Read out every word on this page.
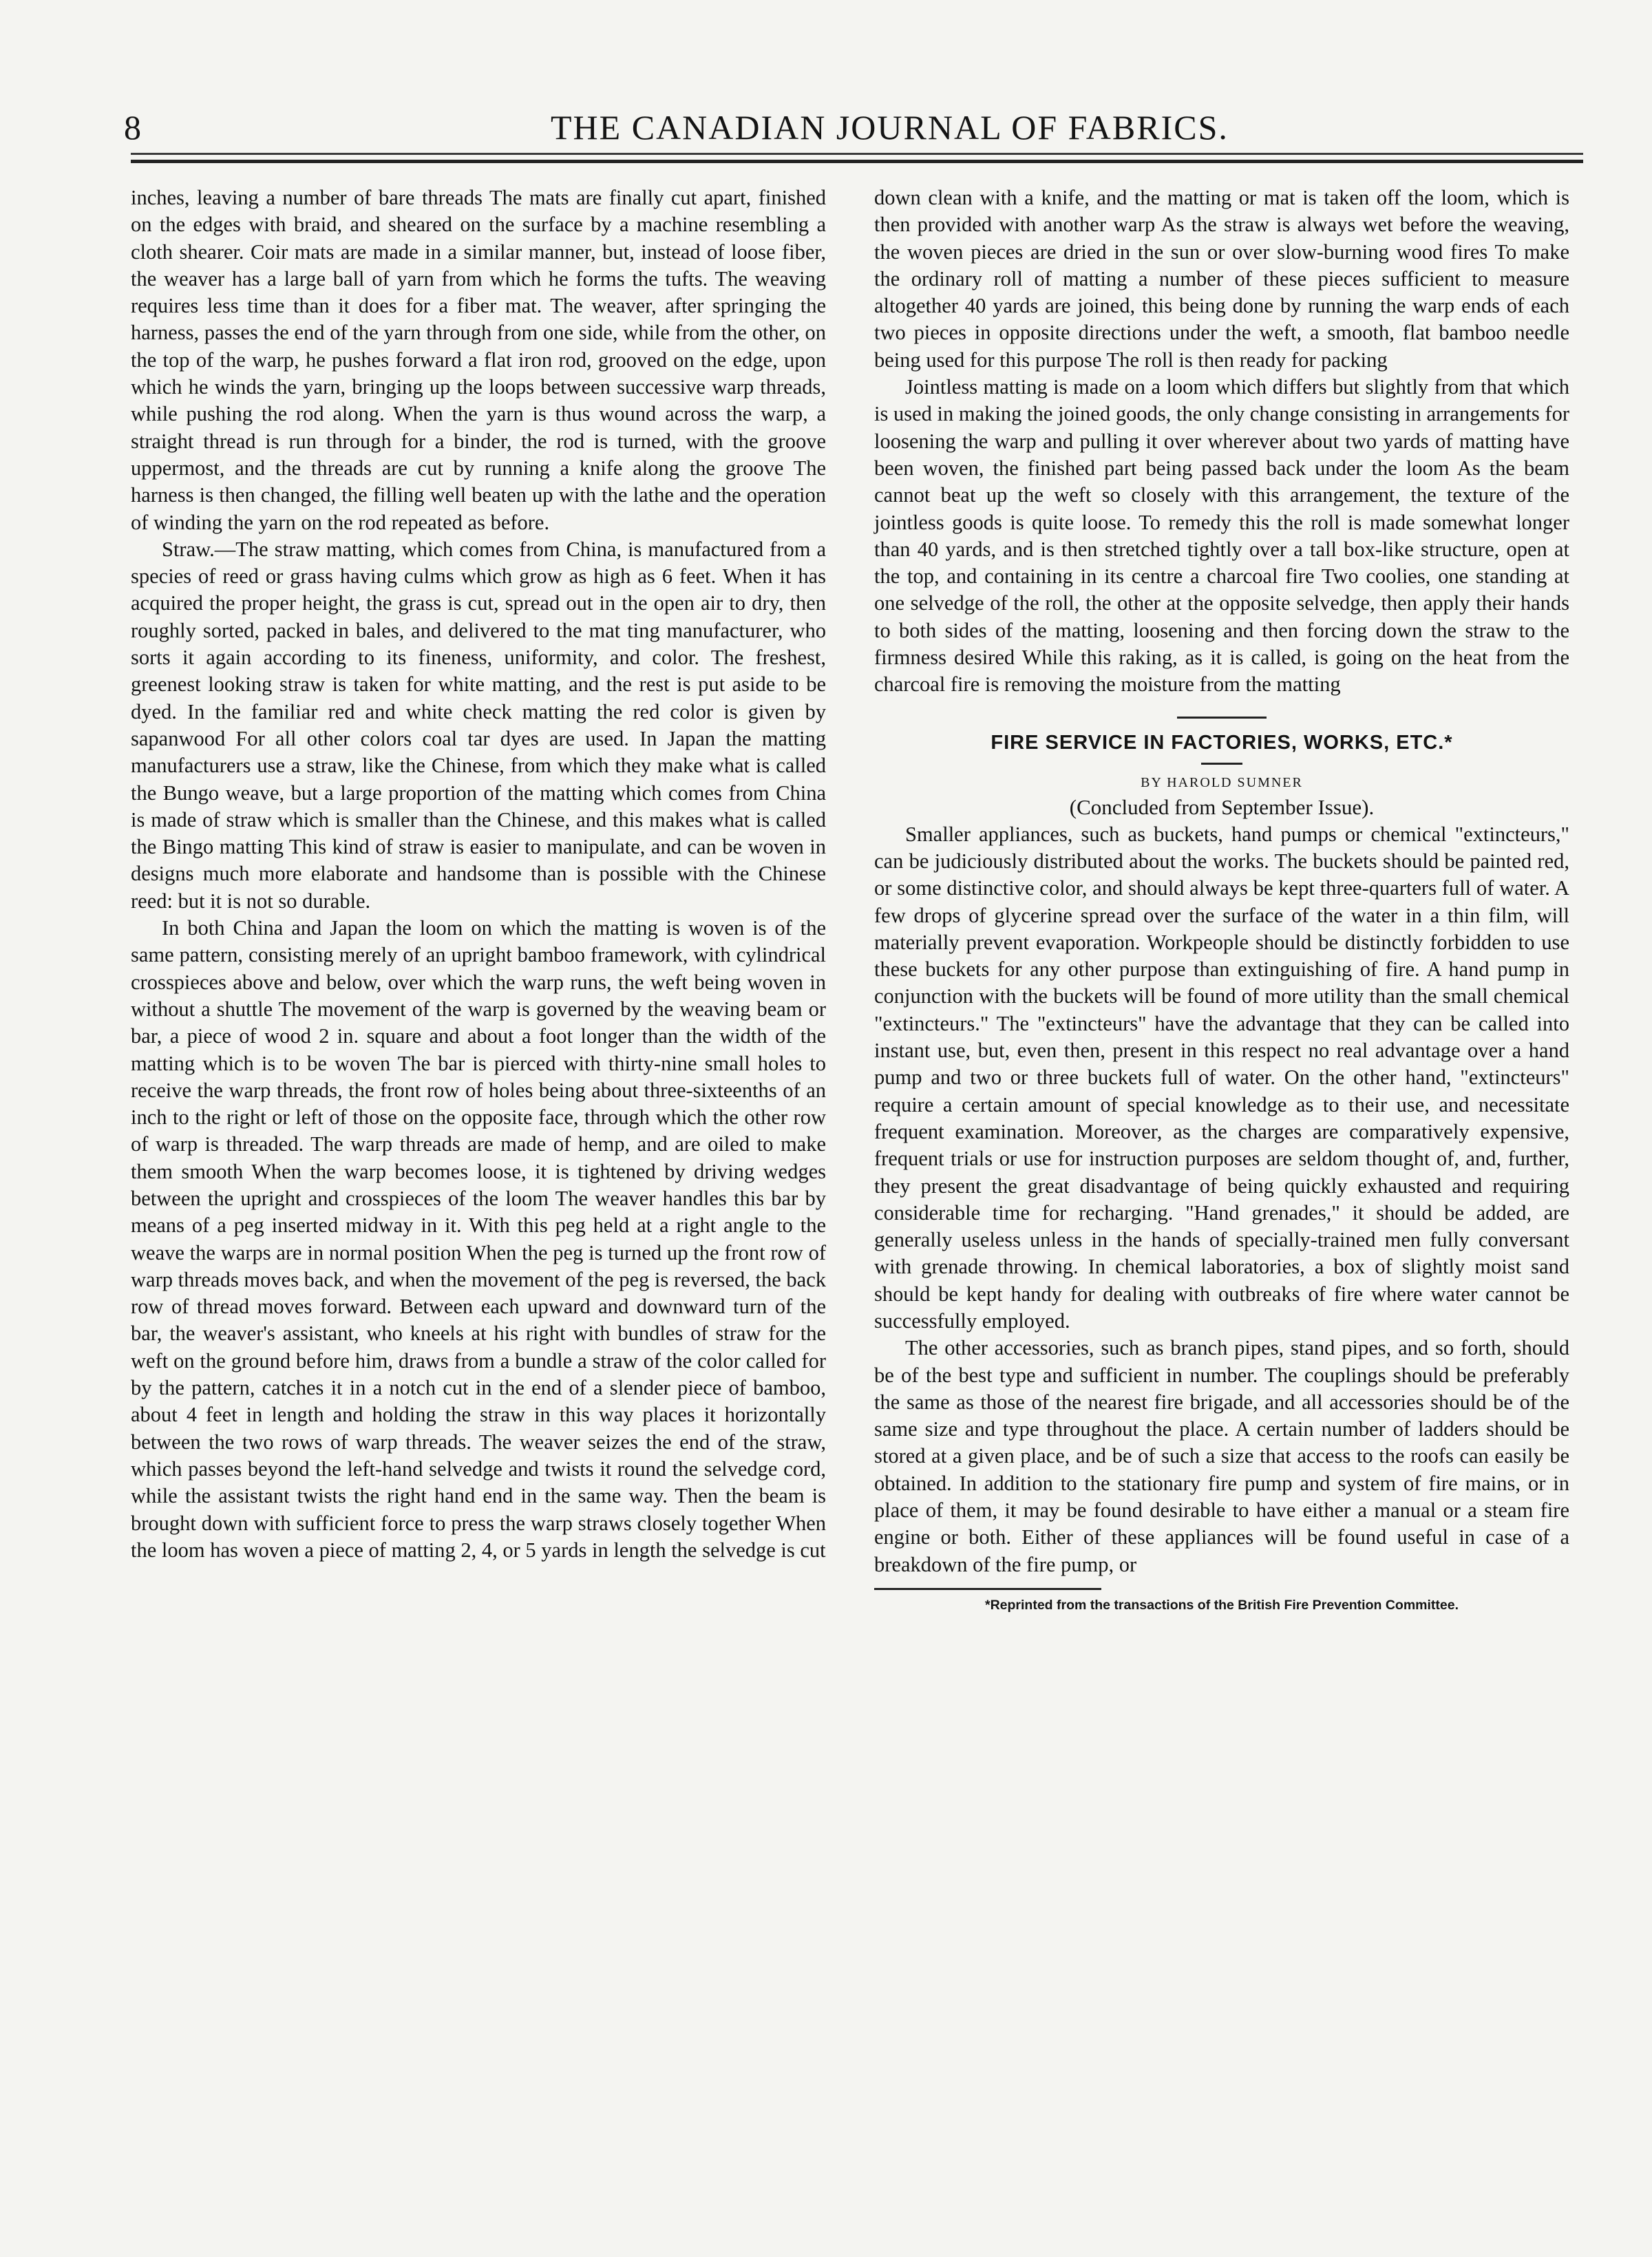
8	THE CANADIAN JOURNAL OF FABRICS.

inches, leaving a number of bare threads The mats are finally cut apart, finished on the edges with braid, and sheared on the surface by a machine resembling a cloth shearer. Coir mats are made in a similar manner, but, instead of loose fiber, the weaver has a large ball of yarn from which he forms the tufts. The weaving requires less time than it does for a fiber mat. The weaver, after springing the harness, passes the end of the yarn through from one side, while from the other, on the top of the warp, he pushes forward a flat iron rod, grooved on the edge, upon which he winds the yarn, bringing up the loops between successive warp threads, while pushing the rod along. When the yarn is thus wound across the warp, a straight thread is run through for a binder, the rod is turned, with the groove uppermost, and the threads are cut by running a knife along the groove The harness is then changed, the filling well beaten up with the lathe and the operation of winding the yarn on the rod repeated as before.

Straw.—The straw matting, which comes from China, is manufactured from a species of reed or grass having culms which grow as high as 6 feet. When it has acquired the proper height, the grass is cut, spread out in the open air to dry, then roughly sorted, packed in bales, and delivered to the mat ting manufacturer, who sorts it again according to its fineness, uniformity, and color. The freshest, greenest looking straw is taken for white matting, and the rest is put aside to be dyed. In the familiar red and white check matting the red color is given by sapanwood For all other colors coal tar dyes are used. In Japan the matting manufacturers use a straw, like the Chinese, from which they make what is called the Bungo weave, but a large proportion of the matting which comes from China is made of straw which is smaller than the Chinese, and this makes what is called the Bingo matting This kind of straw is easier to manipulate, and can be woven in designs much more elaborate and handsome than is possible with the Chinese reed: but it is not so durable.

In both China and Japan the loom on which the matting is woven is of the same pattern, consisting merely of an upright bamboo framework, with cylindrical crosspieces above and below, over which the warp runs, the weft being woven in without a shuttle The movement of the warp is governed by the weaving beam or bar, a piece of wood 2 in. square and about a foot longer than the width of the matting which is to be woven The bar is pierced with thirty-nine small holes to receive the warp threads, the front row of holes being about three-sixteenths of an inch to the right or left of those on the opposite face, through which the other row of warp is threaded. The warp threads are made of hemp, and are oiled to make them smooth When the warp becomes loose, it is tightened by driving wedges between the upright and crosspieces of the loom The weaver handles this bar by means of a peg inserted midway in it. With this peg held at a right angle to the weave the warps are in normal position When the peg is turned up the front row of warp threads moves back, and when the movement of the peg is reversed, the back row of thread moves forward. Between each upward and downward turn of the bar, the weaver's assistant, who kneels at his right with bundles of straw for the weft on the ground before him, draws from a bundle a straw of the color called for by the pattern, catches it in a notch cut in the end of a slender piece of bamboo, about 4 feet in length and holding the straw in this way places it horizontally between the two rows of warp threads. The weaver seizes the end of the straw, which passes beyond the left-hand selvedge and twists it round the selvedge cord, while the assistant twists the right hand end in the same way. Then the beam is brought down with sufficient force to press the warp straws closely together When the loom has woven a piece of matting 2, 4, or 5 yards in length the selvedge is cut

down clean with a knife, and the matting or mat is taken off the loom, which is then provided with another warp As the straw is always wet before the weaving, the woven pieces are dried in the sun or over slow-burning wood fires To make the ordinary roll of matting a number of these pieces sufficient to measure altogether 40 yards are joined, this being done by running the warp ends of each two pieces in opposite directions under the weft, a smooth, flat bamboo needle being used for this purpose The roll is then ready for packing

Jointless matting is made on a loom which differs but slightly from that which is used in making the joined goods, the only change consisting in arrangements for loosening the warp and pulling it over wherever about two yards of matting have been woven, the finished part being passed back under the loom As the beam cannot beat up the weft so closely with this arrangement, the texture of the jointless goods is quite loose. To remedy this the roll is made somewhat longer than 40 yards, and is then stretched tightly over a tall box-like structure, open at the top, and containing in its centre a charcoal fire Two coolies, one standing at one selvedge of the roll, the other at the opposite selvedge, then apply their hands to both sides of the matting, loosening and then forcing down the straw to the firmness desired While this raking, as it is called, is going on the heat from the charcoal fire is removing the moisture from the matting

FIRE SERVICE IN FACTORIES, WORKS, ETC.*
BY HAROLD SUMNER
(Concluded from September Issue).

Smaller appliances, such as buckets, hand pumps or chemical "extincteurs," can be judiciously distributed about the works. The buckets should be painted red, or some distinctive color, and should always be kept three-quarters full of water. A few drops of glycerine spread over the surface of the water in a thin film, will materially prevent evaporation. Workpeople should be distinctly forbidden to use these buckets for any other purpose than extinguishing of fire. A hand pump in conjunction with the buckets will be found of more utility than the small chemical "extincteurs." The "extincteurs" have the advantage that they can be called into instant use, but, even then, present in this respect no real advantage over a hand pump and two or three buckets full of water. On the other hand, "extincteurs" require a certain amount of special knowledge as to their use, and necessitate frequent examination. Moreover, as the charges are comparatively expensive, frequent trials or use for instruction purposes are seldom thought of, and, further, they present the great disadvantage of being quickly exhausted and requiring considerable time for recharging. "Hand grenades," it should be added, are generally useless unless in the hands of specially-trained men fully conversant with grenade throwing. In chemical laboratories, a box of slightly moist sand should be kept handy for dealing with outbreaks of fire where water cannot be successfully employed.

The other accessories, such as branch pipes, stand pipes, and so forth, should be of the best type and sufficient in number. The couplings should be preferably the same as those of the nearest fire brigade, and all accessories should be of the same size and type throughout the place. A certain number of ladders should be stored at a given place, and be of such a size that access to the roofs can easily be obtained. In addition to the stationary fire pump and system of fire mains, or in place of them, it may be found desirable to have either a manual or a steam fire engine or both. Either of these appliances will be found useful in case of a breakdown of the fire pump, or

*Reprinted from the transactions of the British Fire Prevention Committee.
